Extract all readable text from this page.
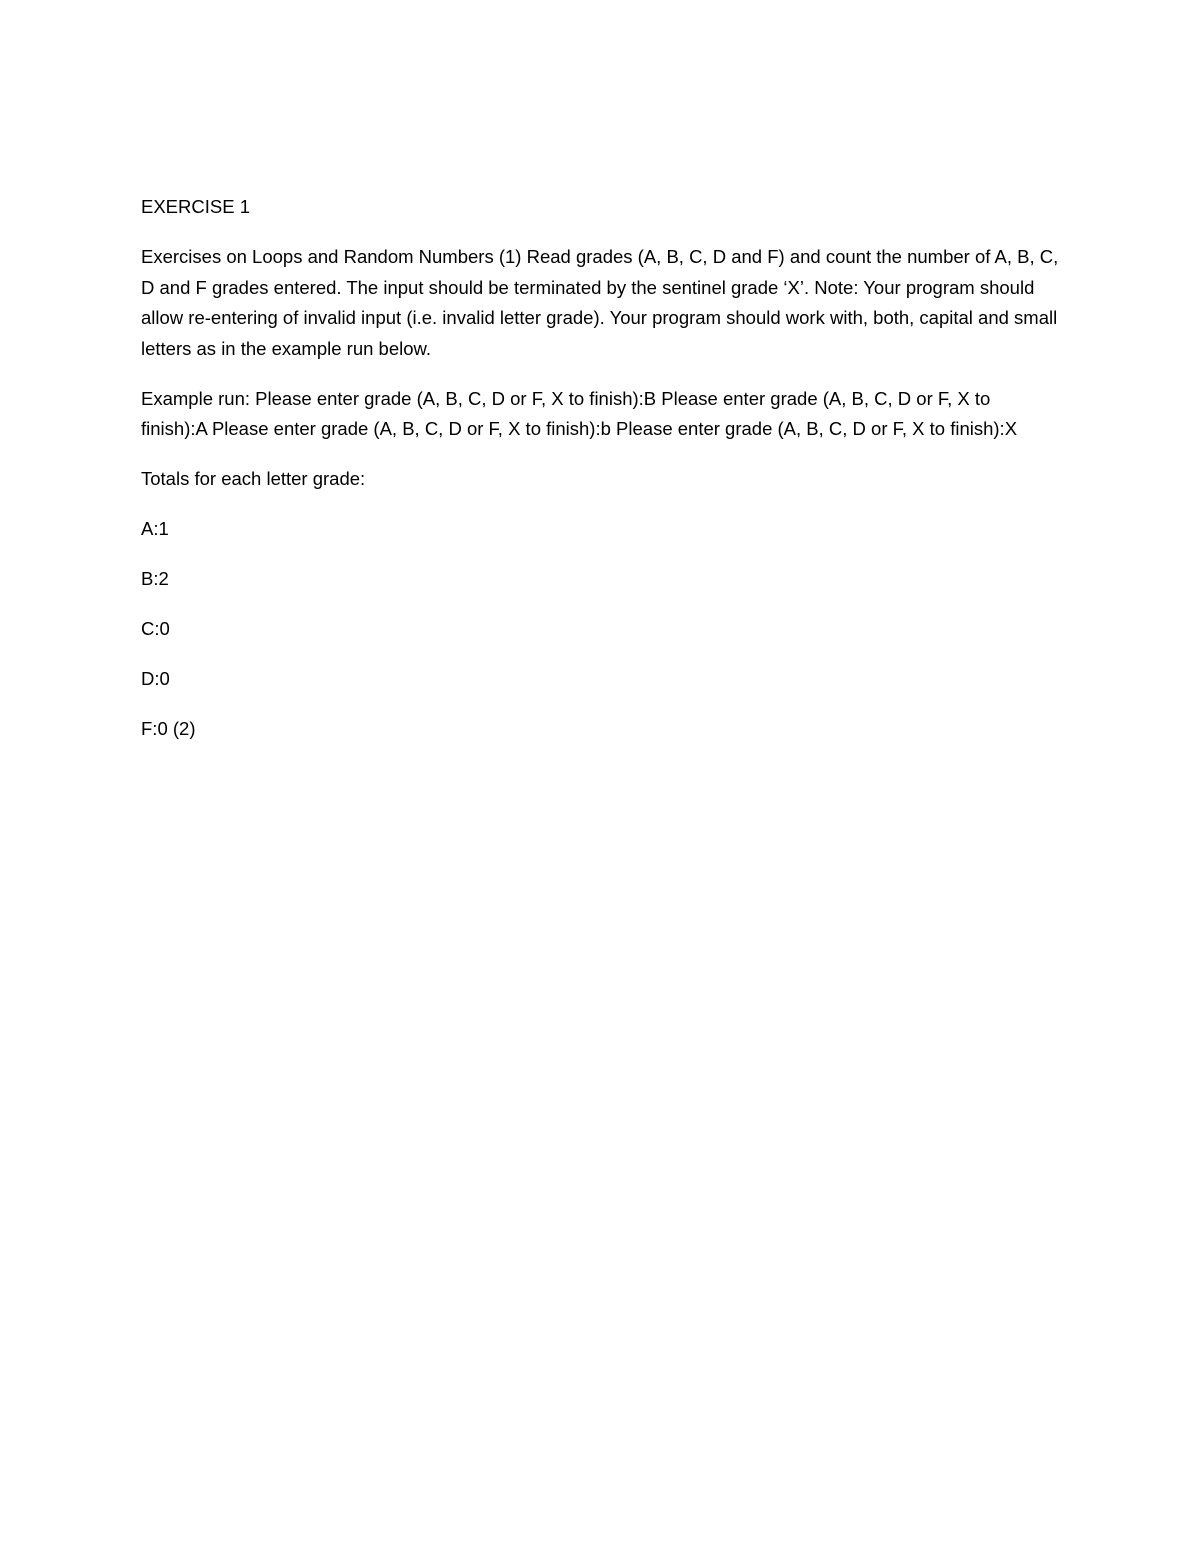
EXERCISE 1

Exercises on Loops and Random Numbers (1) Read grades (A, B, C, D and F) and count the number of A, B, C, D and F grades entered. The input should be terminated by the sentinel grade ‘X’. Note: Your program should allow re-entering of invalid input (i.e. invalid letter grade). Your program should work with, both, capital and small letters as in the example run below.

Example run: Please enter grade (A, B, C, D or F, X to finish):B Please enter grade (A, B, C, D or F, X to finish):A Please enter grade (A, B, C, D or F, X to finish):b Please enter grade (A, B, C, D or F, X to finish):X

Totals for each letter grade:

A:1

B:2

C:0

D:0

F:0 (2)
